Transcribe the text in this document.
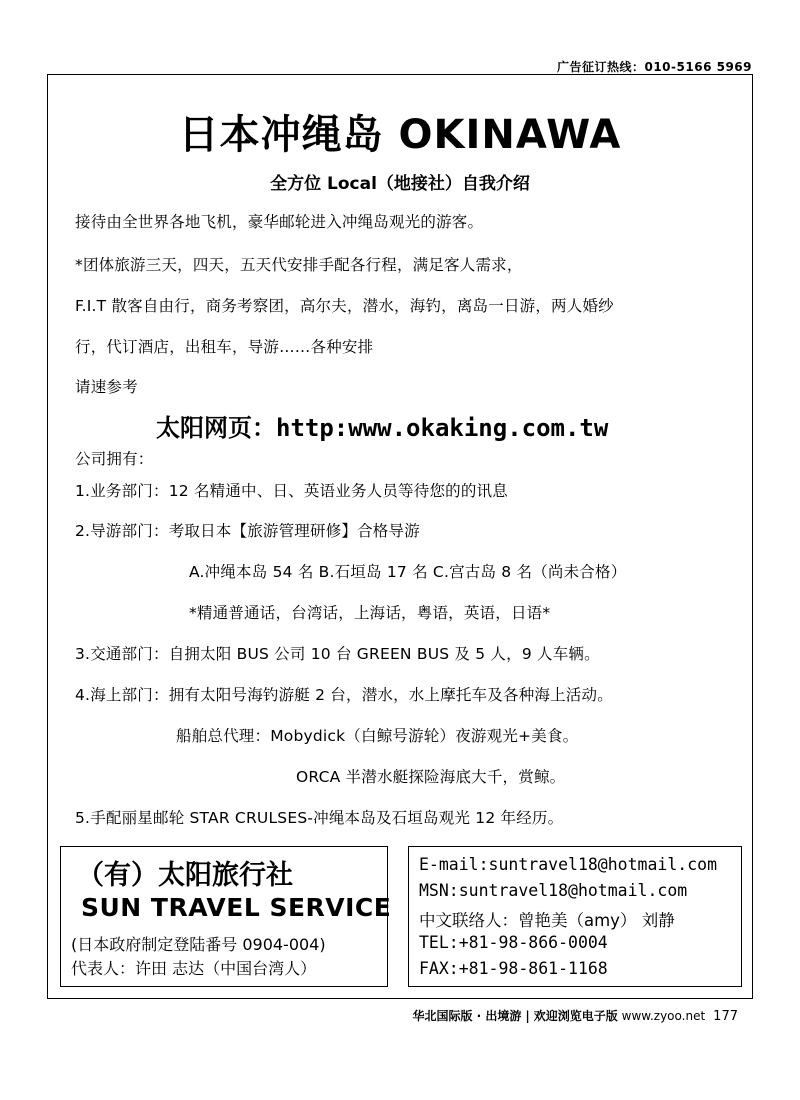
广告征订热线：010-5166 5969
日本冲绳岛 OKINAWA
全方位 Local（地接社）自我介绍
接待由全世界各地飞机，豪华邮轮进入冲绳岛观光的游客。
*团体旅游三天，四天，五天代安排手配各行程，满足客人需求，
F.I.T 散客自由行，商务考察团，高尔夫，潜水，海钓，离岛一日游，两人婚纱
行，代订酒店，出租车，导游……各种安排
请速参考
太阳网页：http:www.okaking.com.tw
公司拥有：
1.业务部门：12 名精通中、日、英语业务人员等待您的的讯息
2.导游部门：考取日本【旅游管理研修】合格导游
A.冲绳本岛 54 名 B.石垣岛 17 名 C.宫古岛 8 名（尚未合格）
*精通普通话，台湾话，上海话，粤语，英语，日语*
3.交通部门：自拥太阳 BUS 公司 10 台 GREEN BUS 及 5 人，9 人车辆。
4.海上部门：拥有太阳号海钓游艇 2 台，潜水，水上摩托车及各种海上活动。
船舶总代理：Mobydick（白鲸号游轮）夜游观光+美食。
ORCA 半潜水艇探险海底大千，赏鲸。
5.手配丽星邮轮 STAR CRULSES-冲绳本岛及石垣岛观光 12 年经历。
（有）太阳旅行社
SUN TRAVEL SERVICE
(日本政府制定登陆番号 0904-004)
代表人：许田 志达（中国台湾人）
E-mail:suntravel18@hotmail.com
MSN:suntravel18@hotmail.com
中文联络人：曾艳美（amy） 刘静
TEL:+81-98-866-0004
FAX:+81-98-861-1168
华北国际版 · 出境游 | 欢迎浏览电子版 www.zyoo.net 177
